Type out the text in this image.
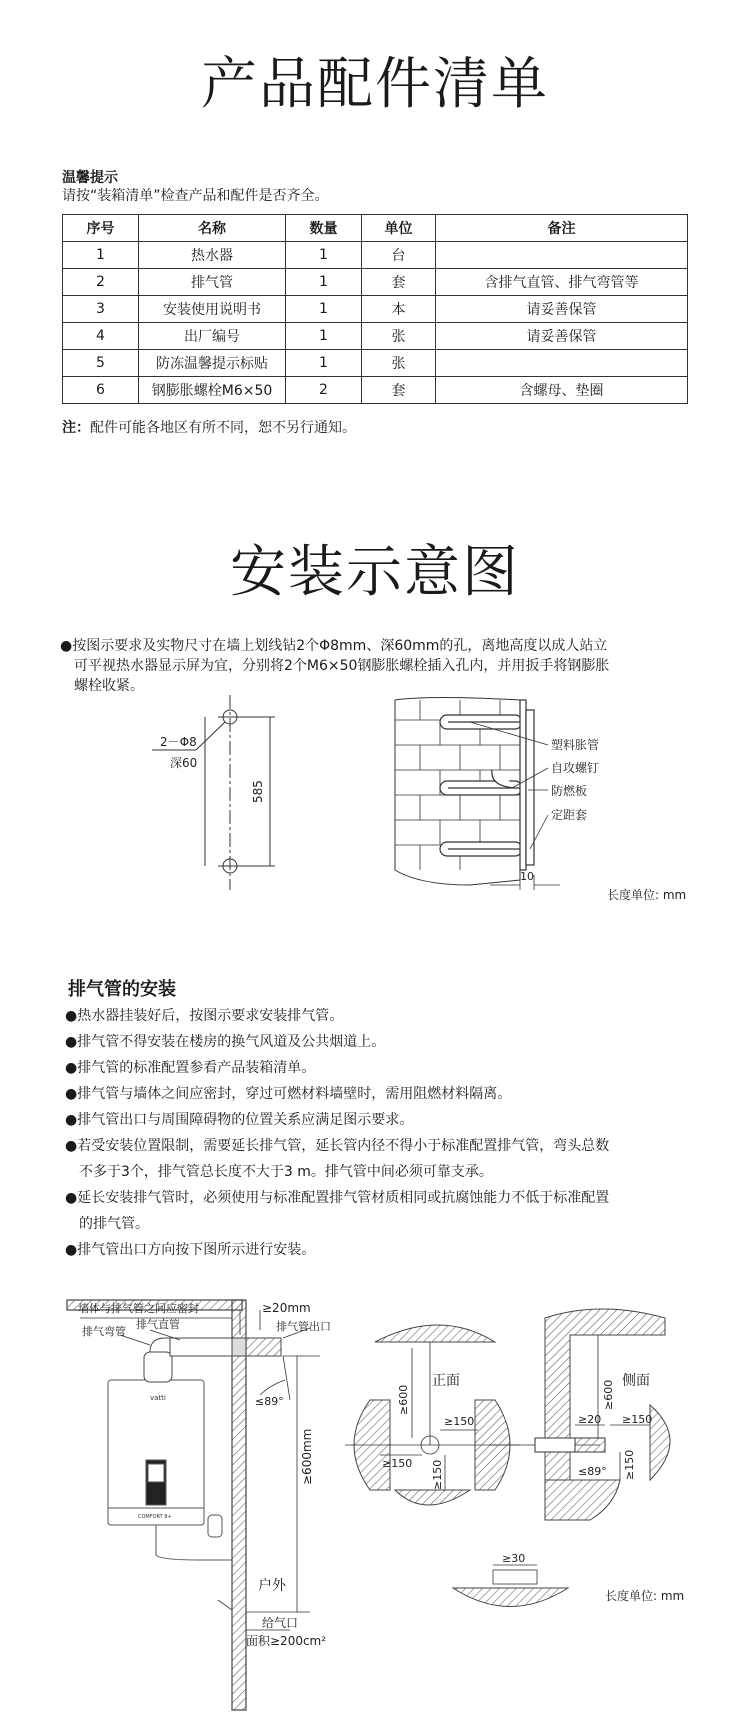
产品配件清单
温馨提示
请按“装箱清单”检查产品和配件是否齐全。
序号	名称	数量	单位	备注
1	热水器	1	台	
2	排气管	1	套	含排气直管、排气弯管等
3	安装使用说明书	1	本	请妥善保管
4	出厂编号	1	张	请妥善保管
5	防冻温馨提示标贴	1	张	
6	钢膨胀螺栓M6×50	2	套	含螺母、垫圈
注：配件可能各地区有所不同，恕不另行通知。
安装示意图
●按图示要求及实物尺寸在墙上划线钻2个Φ8mm、深60mm的孔，离地高度以成人站立
可平视热水器显示屏为宜，分别将2个M6×50钢膨胀螺栓插入孔内，并用扳手将钢膨胀
螺栓收紧。
2－Φ8
深60
585
塑料胀管
自攻螺钉
防燃板
定距套
10
长度单位: mm
排气管的安装
●热水器挂装好后，按图示要求安装排气管。
●排气管不得安装在楼房的换气风道及公共烟道上。
●排气管的标准配置参看产品装箱清单。
●排气管与墙体之间应密封，穿过可燃材料墙壁时，需用阻燃材料隔离。
●排气管出口与周围障碍物的位置关系应满足图示要求。
●若受安装位置限制，需要延长排气管，延长管内径不得小于标准配置排气管，弯头总数
不多于3个，排气管总长度不大于3 m。排气管中间必须可靠支承。
●延长安装排气管时，必须使用与标准配置排气管材质相同或抗腐蚀能力不低于标准配置
的排气管。
●排气管出口方向按下图所示进行安装。
vatti
COMFORT 8+
墙体与排气管之间应密封	≥20mm
排气弯管
排气直管	排气管出口
≤89°
≥600mm
户外
给气口
面积≥200cm²
正面
≥600
≥150
≥150 ≥150
侧面
≥600
≥20 ≥150
≤89° ≥150
≥30
长度单位: mm
